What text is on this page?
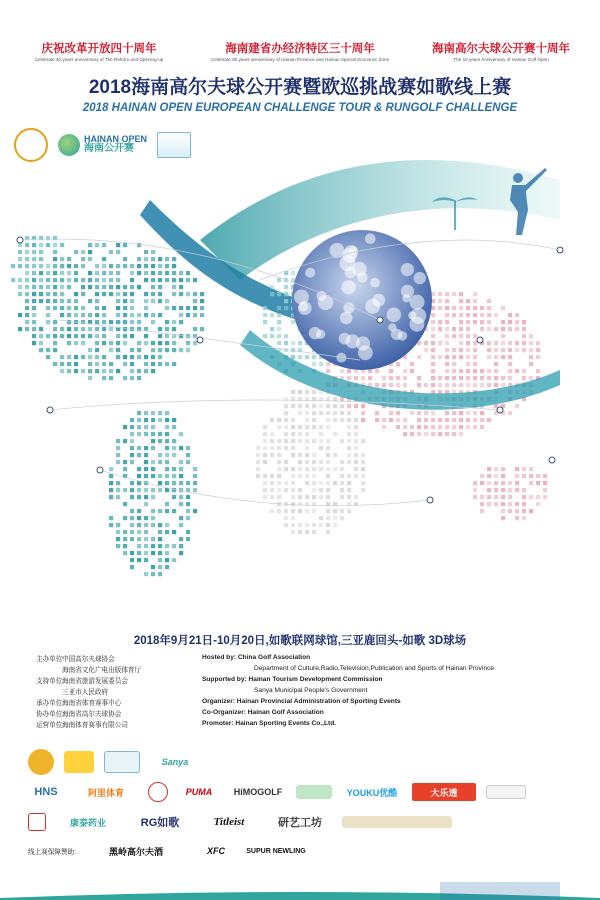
庆祝改革开放四十周年
Celebrate 40 years anniversary of The Reform and Opening-up
海南建省办经济特区三十周年
Celebrate 30 years anniversary of Hainan Province and Hainan Special Economic Zone
海南高尔夫球公开赛十周年
The 10 years Anniversary of Hainan Golf Open
2018海南高尔夫球公开赛暨欧巡挑战赛如歌线上赛
2018 HAINAN OPEN EUROPEAN CHALLENGE TOUR & RUNGOLF CHALLENGE
HAINAN OPEN
海南公开赛
2018年9月21日-10月20日,如歌联网球馆,三亚鹿回头-如歌 3D球场
主办单位:
中国高尔夫球协会	Hosted by: China Golf Association
海南省文化广电出版体育厅	Department of Culture,Radio,Television,Publication and Sports of Hainan Province
支持单位:
海南省旅游发展委员会	Supported by: Hainan Tourism Development Commission
三亚市人民政府	Sanya Municipal People's Government
承办单位:
海南省体育赛事中心	Organizer: Hainan Provincial Administration of Sporting Events
协办单位:
海南省高尔夫球协会	Co-Organizer: Hainan Golf Association
运营单位:
海南体育赛事有限公司	Promoter: Hainan Sporting Events Co.,Ltd.
Sanya
HNS	阿里体育	PUMA	HiMOGOLF	YOUKU优酷	大乐透
康泰药业	RG如歌	Titleist	研艺工坊
线上赛保障赞助:	黑岭高尔夫酒	XFC	SUPUR NEWLING
